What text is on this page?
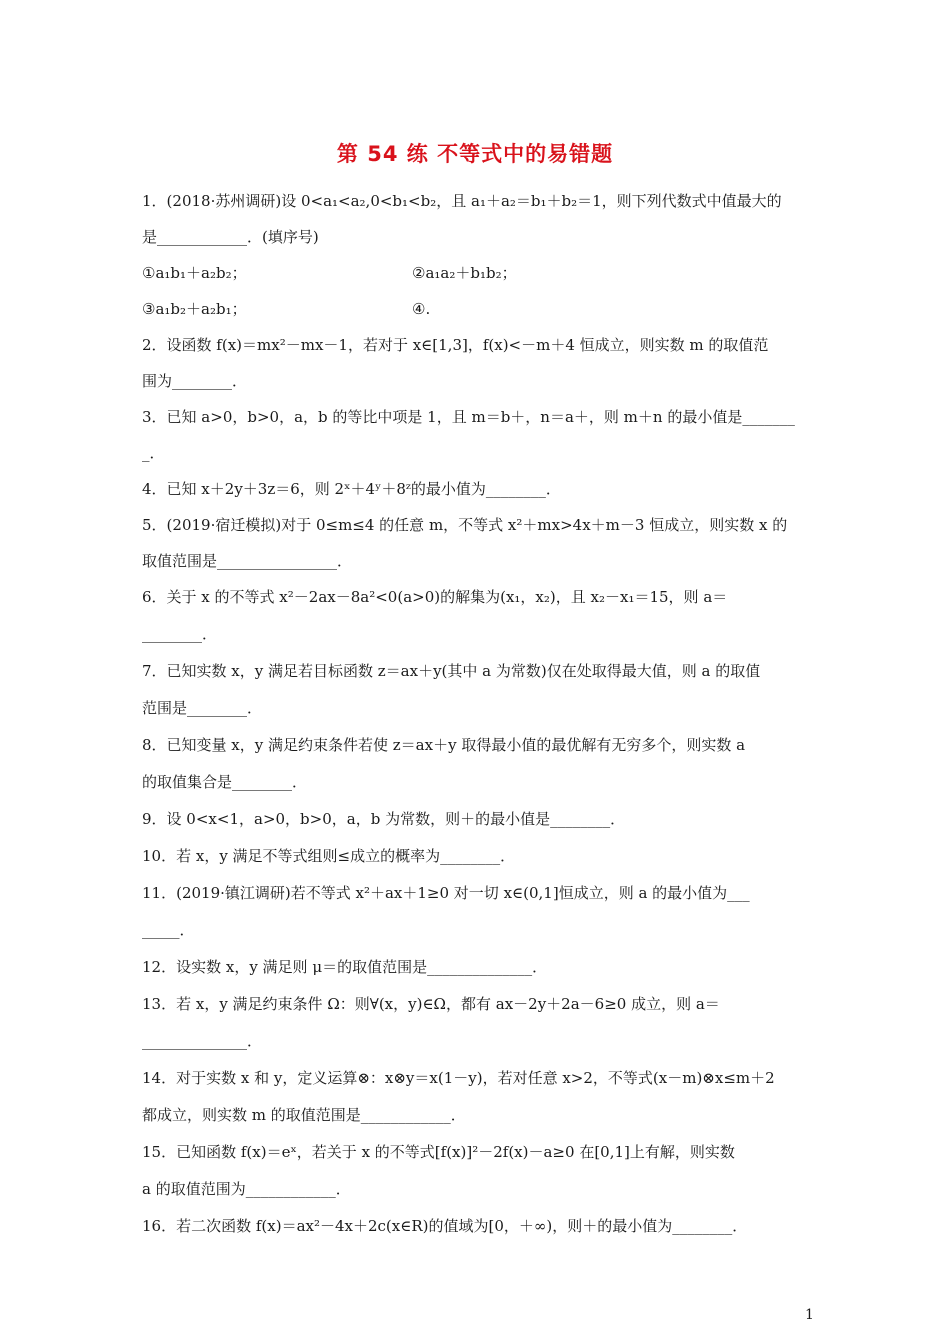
第 54 练 不等式中的易错题
1．(2018·苏州调研)设 0<a₁<a₂,0<b₁<b₂，且 a₁＋a₂＝b₁＋b₂＝1，则下列代数式中值最大的
是____________．(填序号)
①a₁b₁＋a₂b₂；	②a₁a₂＋b₁b₂；
③a₁b₂＋a₂b₁；	④.
2．设函数 f(x)＝mx²－mx－1，若对于 x∈[1,3]，f(x)<－m＋4 恒成立，则实数 m 的取值范
围为________．
3．已知 a>0，b>0，a，b 的等比中项是 1，且 m＝b＋，n＝a＋，则 m＋n 的最小值是_______
_．
4．已知 x＋2y＋3z＝6，则 2ˣ＋4ʸ＋8ᶻ的最小值为________．
5．(2019·宿迁模拟)对于 0≤m≤4 的任意 m，不等式 x²＋mx>4x＋m－3 恒成立，则实数 x 的
取值范围是________________．
6．关于 x 的不等式 x²－2ax－8a²<0(a>0)的解集为(x₁，x₂)，且 x₂－x₁＝15，则 a＝
________．
7．已知实数 x，y 满足若目标函数 z＝ax＋y(其中 a 为常数)仅在处取得最大值，则 a 的取值
范围是________．
8．已知变量 x，y 满足约束条件若使 z＝ax＋y 取得最小值的最优解有无穷多个，则实数 a
的取值集合是________．
9．设 0<x<1，a>0，b>0，a，b 为常数，则＋的最小值是________．
10．若 x，y 满足不等式组则≤成立的概率为________．
11．(2019·镇江调研)若不等式 x²＋ax＋1≥0 对一切 x∈(0,1]恒成立，则 a 的最小值为___
_____．
12．设实数 x，y 满足则 μ＝的取值范围是______________．
13．若 x，y 满足约束条件 Ω：则∀(x，y)∈Ω，都有 ax－2y＋2a－6≥0 成立，则 a＝
______________．
14．对于实数 x 和 y，定义运算⊗：x⊗y＝x(1－y)，若对任意 x>2，不等式(x－m)⊗x≤m＋2
都成立，则实数 m 的取值范围是____________．
15．已知函数 f(x)＝eˣ，若关于 x 的不等式[f(x)]²－2f(x)－a≥0 在[0,1]上有解，则实数
a 的取值范围为____________．
16．若二次函数 f(x)＝ax²－4x＋2c(x∈R)的值域为[0，＋∞)，则＋的最小值为________．
1
